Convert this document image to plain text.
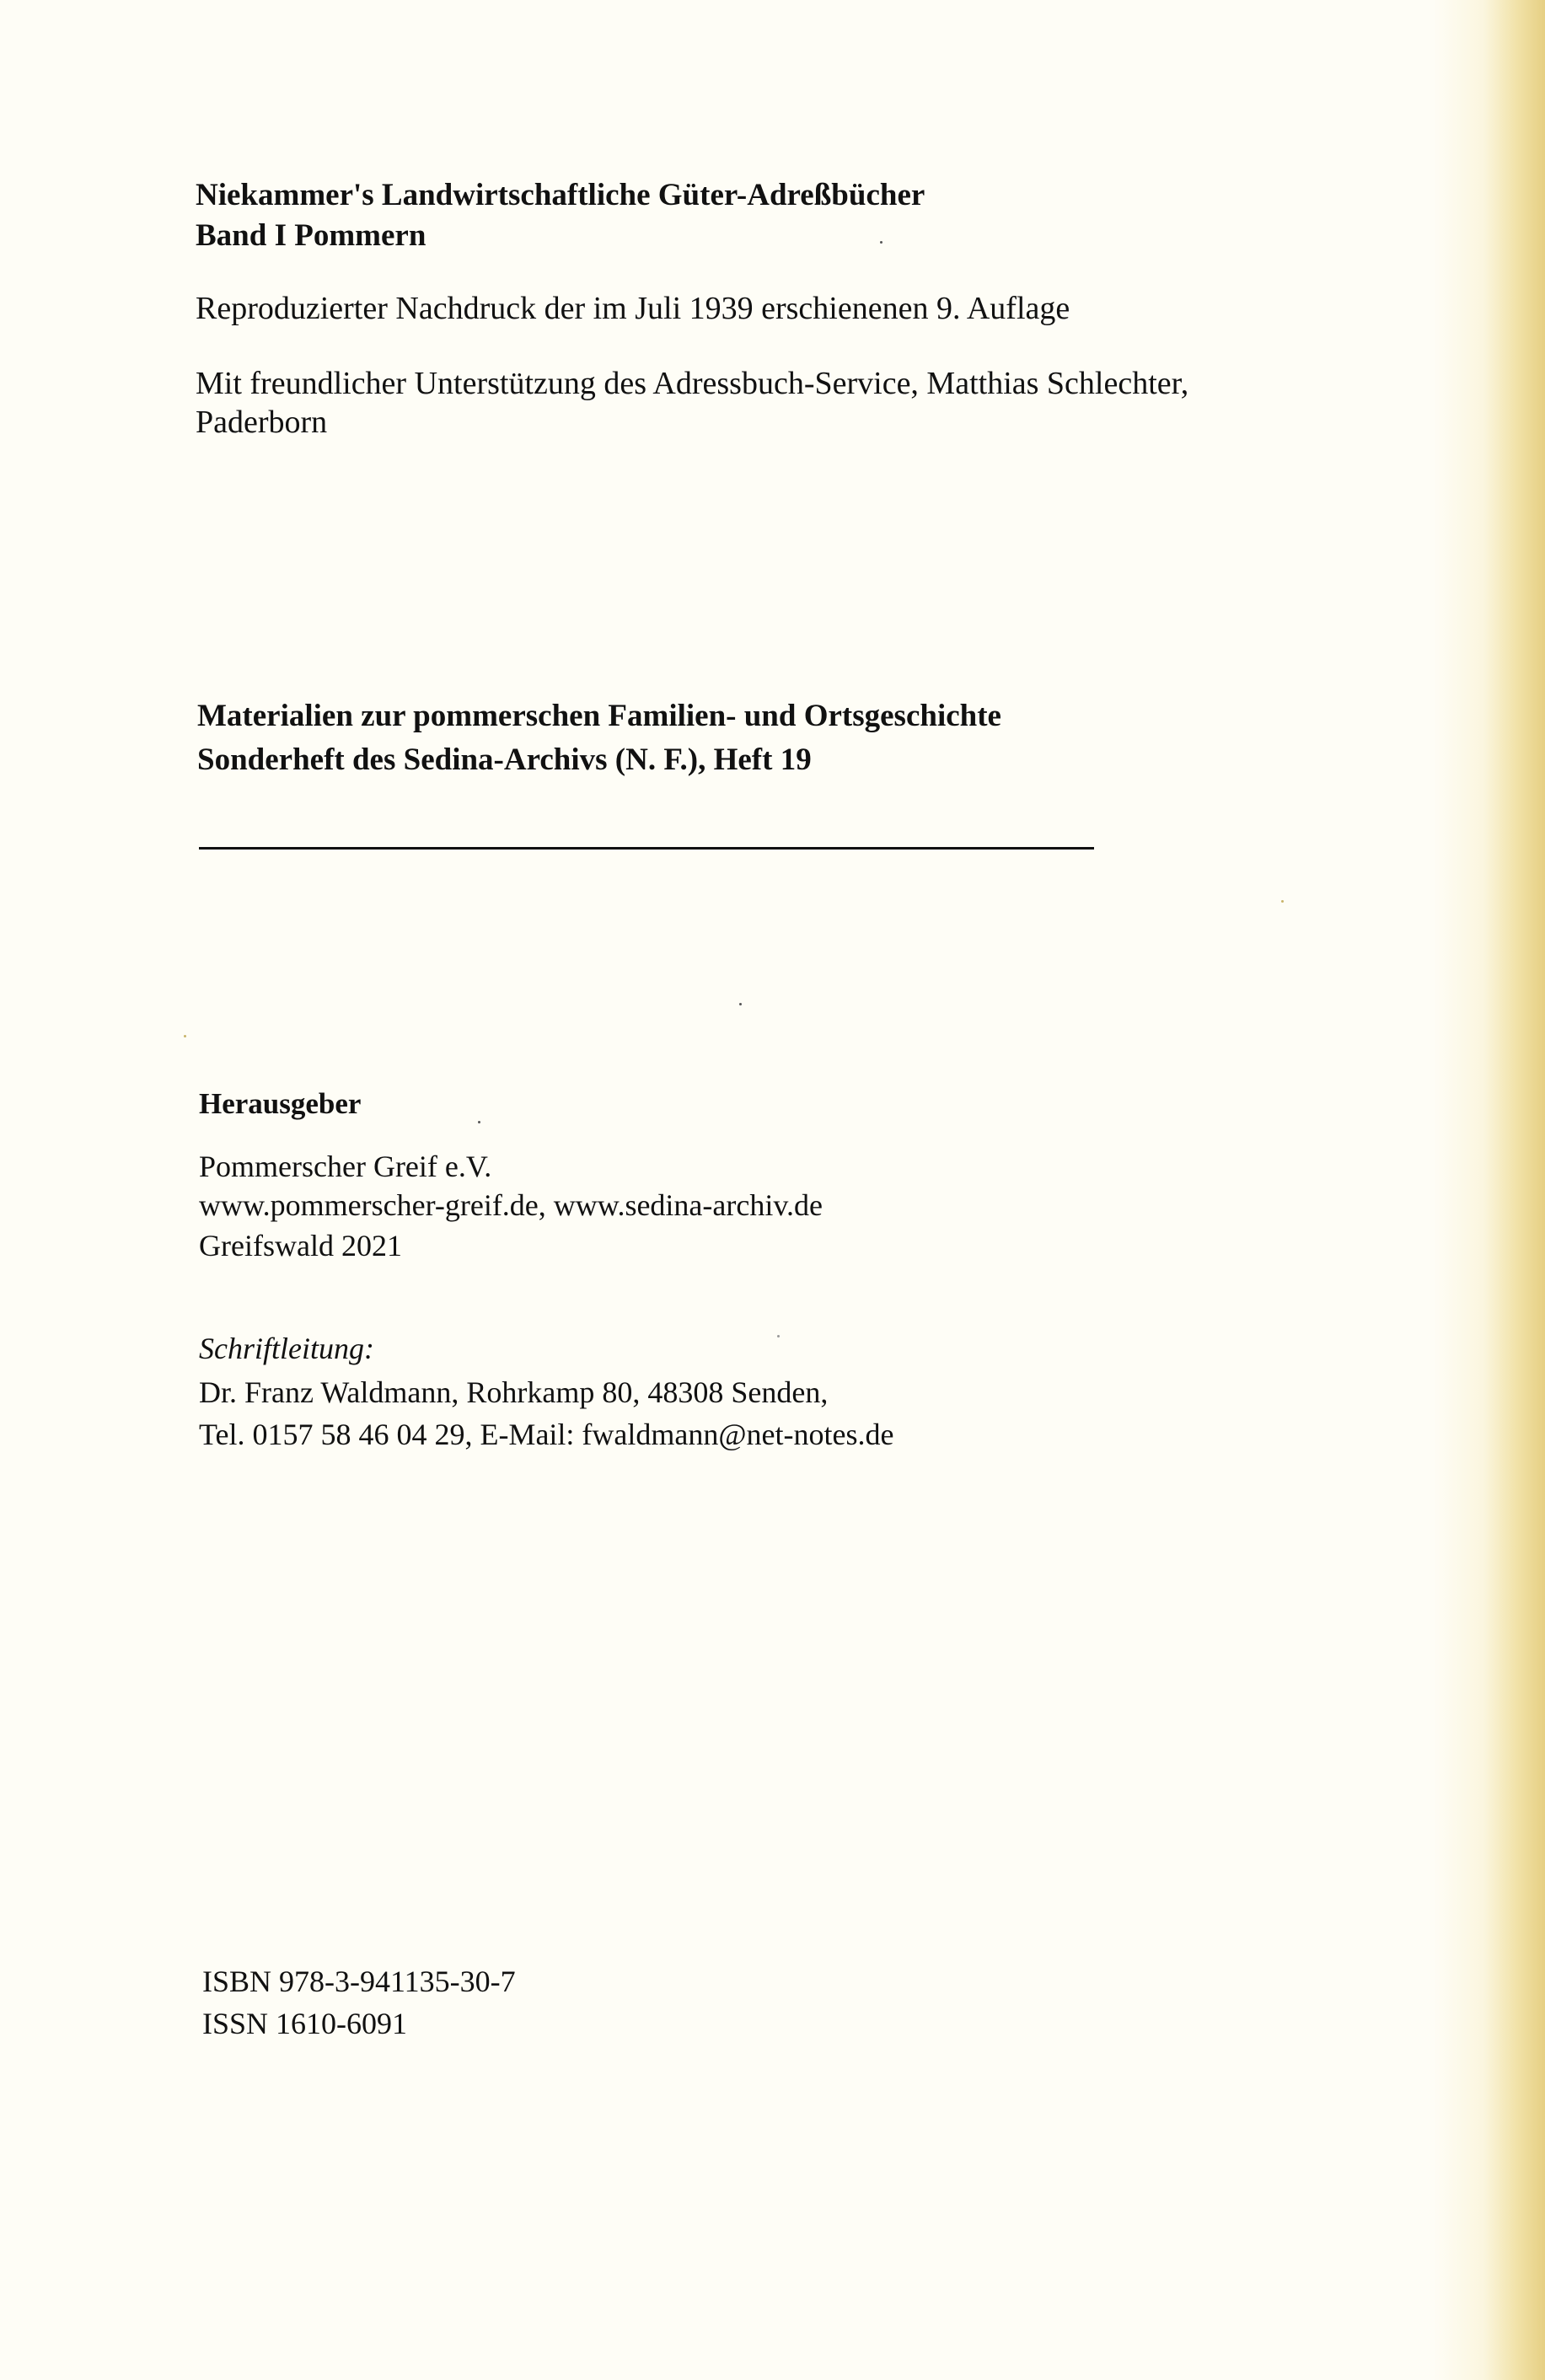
Niekammer's Landwirtschaftliche Güter-Adreßbücher
Band I Pommern
Reproduzierter Nachdruck der im Juli 1939 erschienenen 9. Auflage
Mit freundlicher Unterstützung des Adressbuch-Service, Matthias Schlechter,
Paderborn
Materialien zur pommerschen Familien- und Ortsgeschichte
Sonderheft des Sedina-Archivs (N. F.), Heft 19
Herausgeber
Pommerscher Greif e.V.
www.pommerscher-greif.de, www.sedina-archiv.de
Greifswald 2021
Schriftleitung:
Dr. Franz Waldmann, Rohrkamp 80, 48308 Senden,
Tel. 0157 58 46 04 29, E-Mail: fwaldmann@net-notes.de
ISBN 978-3-941135-30-7
ISSN 1610-6091
